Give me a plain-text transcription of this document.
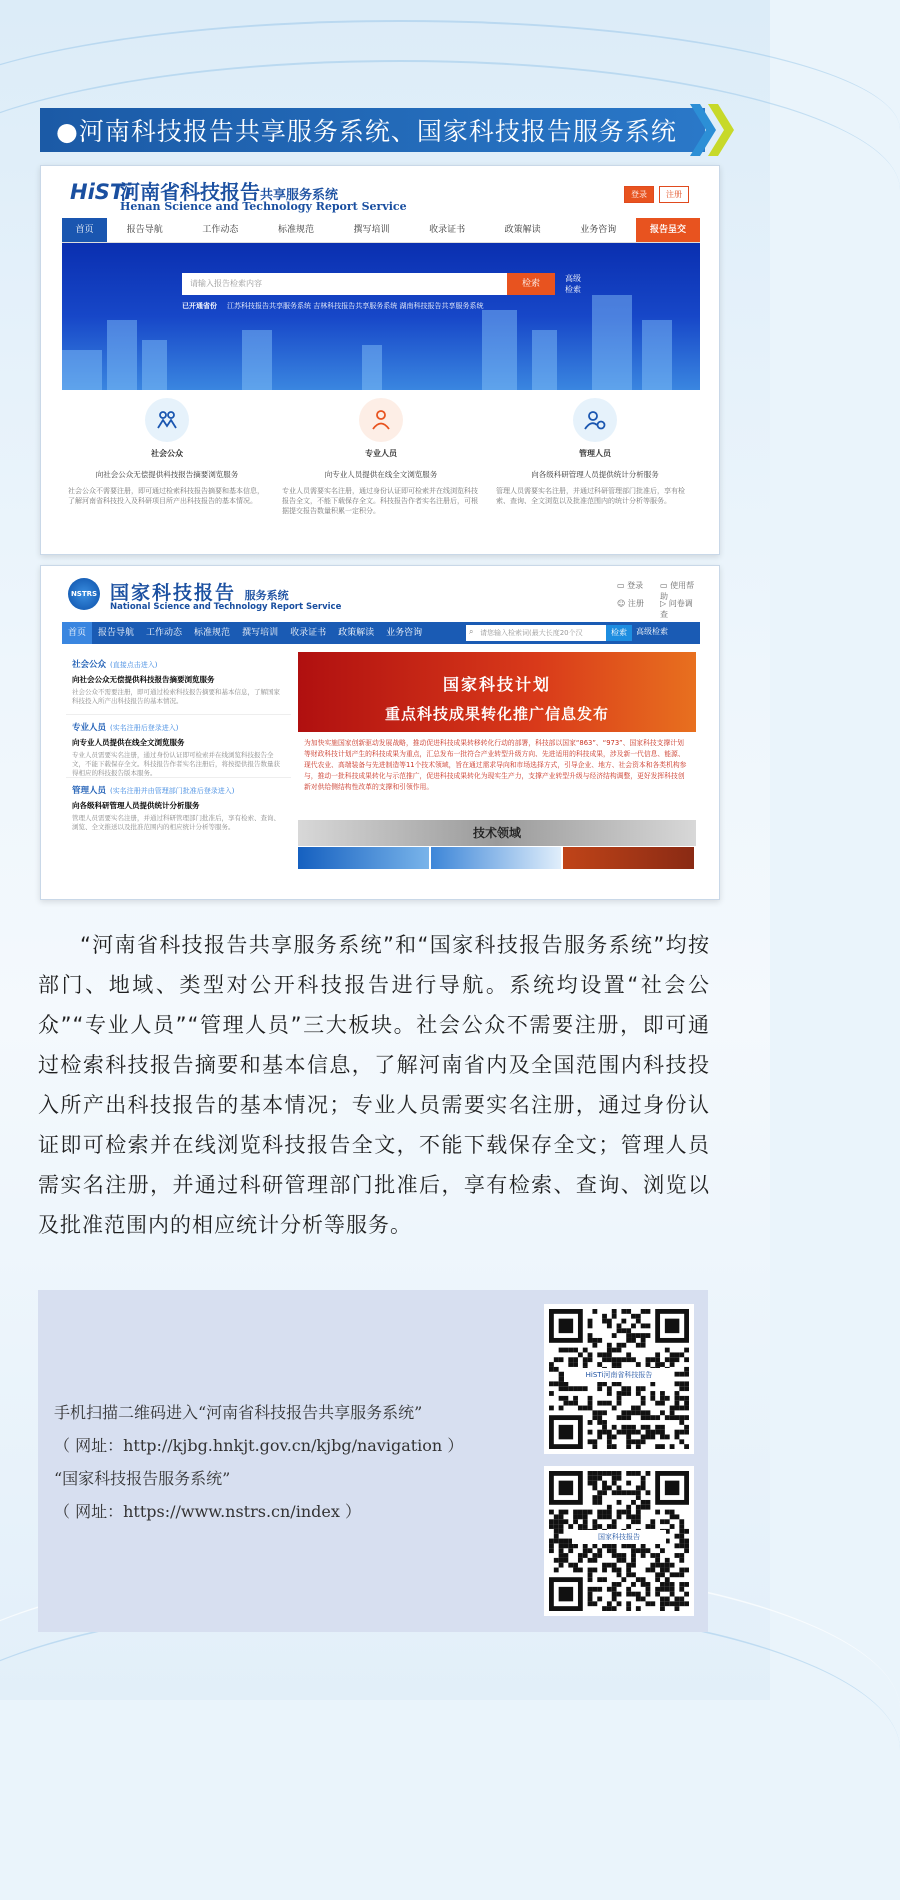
●河南科技报告共享服务系统、国家科技报告服务系统
HiSTi
河南省科技报告共享服务系统
Henan Science and Technology Report Service
登录	注册
首页	报告导航	工作动态	标准规范	撰写培训	收录证书	政策解读	业务咨询	报告呈交
请输入报告检索内容	检索
高级
检索
已开通省份 江苏科技报告共享服务系统 吉林科技报告共享服务系统 湖南科技报告共享服务系统
社会公众
向社会公众无偿提供科技报告摘要浏览服务

社会公众不需要注册，即可通过检索科技报告摘要和基本信息，了解河南省科技投入及科研项目所产出科技报告的基本情况。

专业人员
向专业人员提供在线全文浏览服务

专业人员需要实名注册，通过身份认证即可检索并在线浏览科技报告全文，不能下载保存全文。科技报告作者实名注册后，可根据提交报告数量积累一定积分。

管理人员
向各级科研管理人员提供统计分析服务

管理人员需要实名注册，并通过科研管理部门批准后，享有检索、查询、全文浏览以及批准范围内的统计分析等服务。

NSTRS 国家科技报告 服务系统
National Science and Technology Report Service
▭ 登录 ▭ 使用帮助
☺ 注册 ▷ 问卷调查
首页	报告导航	工作动态	标准规范	撰写培训	收录证书	政策解读	业务咨询	请您输入检索词(最大长度20个汉
⌕	检索	高级检索
社会公众 (直接点击进入)
向社会公众无偿提供科技报告摘要浏览服务

社会公众不需要注册，即可通过检索科技报告摘要和基本信息，了解国家科技投入所产出科技报告的基本情况。

专业人员 (实名注册后登录进入)
向专业人员提供在线全文浏览服务

专业人员需要实名注册，通过身份认证即可检索并在线浏览科技报告全文，不能下载保存全文。科技报告作者实名注册后，将按提供报告数量获得相应的科技报告版本服务。

管理人员 (实名注册并由管理部门批准后登录进入)
向各级科研管理人员提供统计分析服务

管理人员需要实名注册，并通过科研管理部门批准后，享有检索、查询、浏览、全文推送以及批准范围内的相应统计分析等服务。

国家科技计划
重点科技成果转化推广信息发布
为加快实施国家创新驱动发展战略，推动促进科技成果转移转化行动的部署，科技部以国家“863”、“973”、国家科技支撑计划等财政科技计划产生的科技成果为重点，汇总发布一批符合产业转型升级方向、先进适用的科技成果，涉及新一代信息、能源、现代农业、高端装备与先进制造等11个技术领域，旨在通过需求导向和市场选择方式，引导企业、地方、社会资本和各类机构参与，推动一批科技成果转化与示范推广，促进科技成果转化为现实生产力，支撑产业转型升级与经济结构调整，更好发挥科技创新对供给侧结构性改革的支撑和引领作用。
技术领域

“河南省科技报告共享服务系统”和“国家科技报告服务系统”均按部门、地域、类型对公开科技报告进行导航。系统均设置“社会公众”“专业人员”“管理人员”三大板块。社会公众不需要注册，即可通过检索科技报告摘要和基本信息，了解河南省内及全国范围内科技投入所产出科技报告的基本情况；专业人员需要实名注册，通过身份认证即可检索并在线浏览科技报告全文，不能下载保存全文；管理人员需实名注册，并通过科研管理部门批准后，享有检索、查询、浏览以及批准范围内的相应统计分析等服务。

手机扫描二维码进入“河南省科技报告共享服务系统”
（ 网址：http://kjbg.hnkjt.gov.cn/kjbg/navigation ）
“国家科技报告服务系统”
（ 网址：https://www.nstrs.cn/index ）
HiSTi河南省科技报告
国家科技报告
